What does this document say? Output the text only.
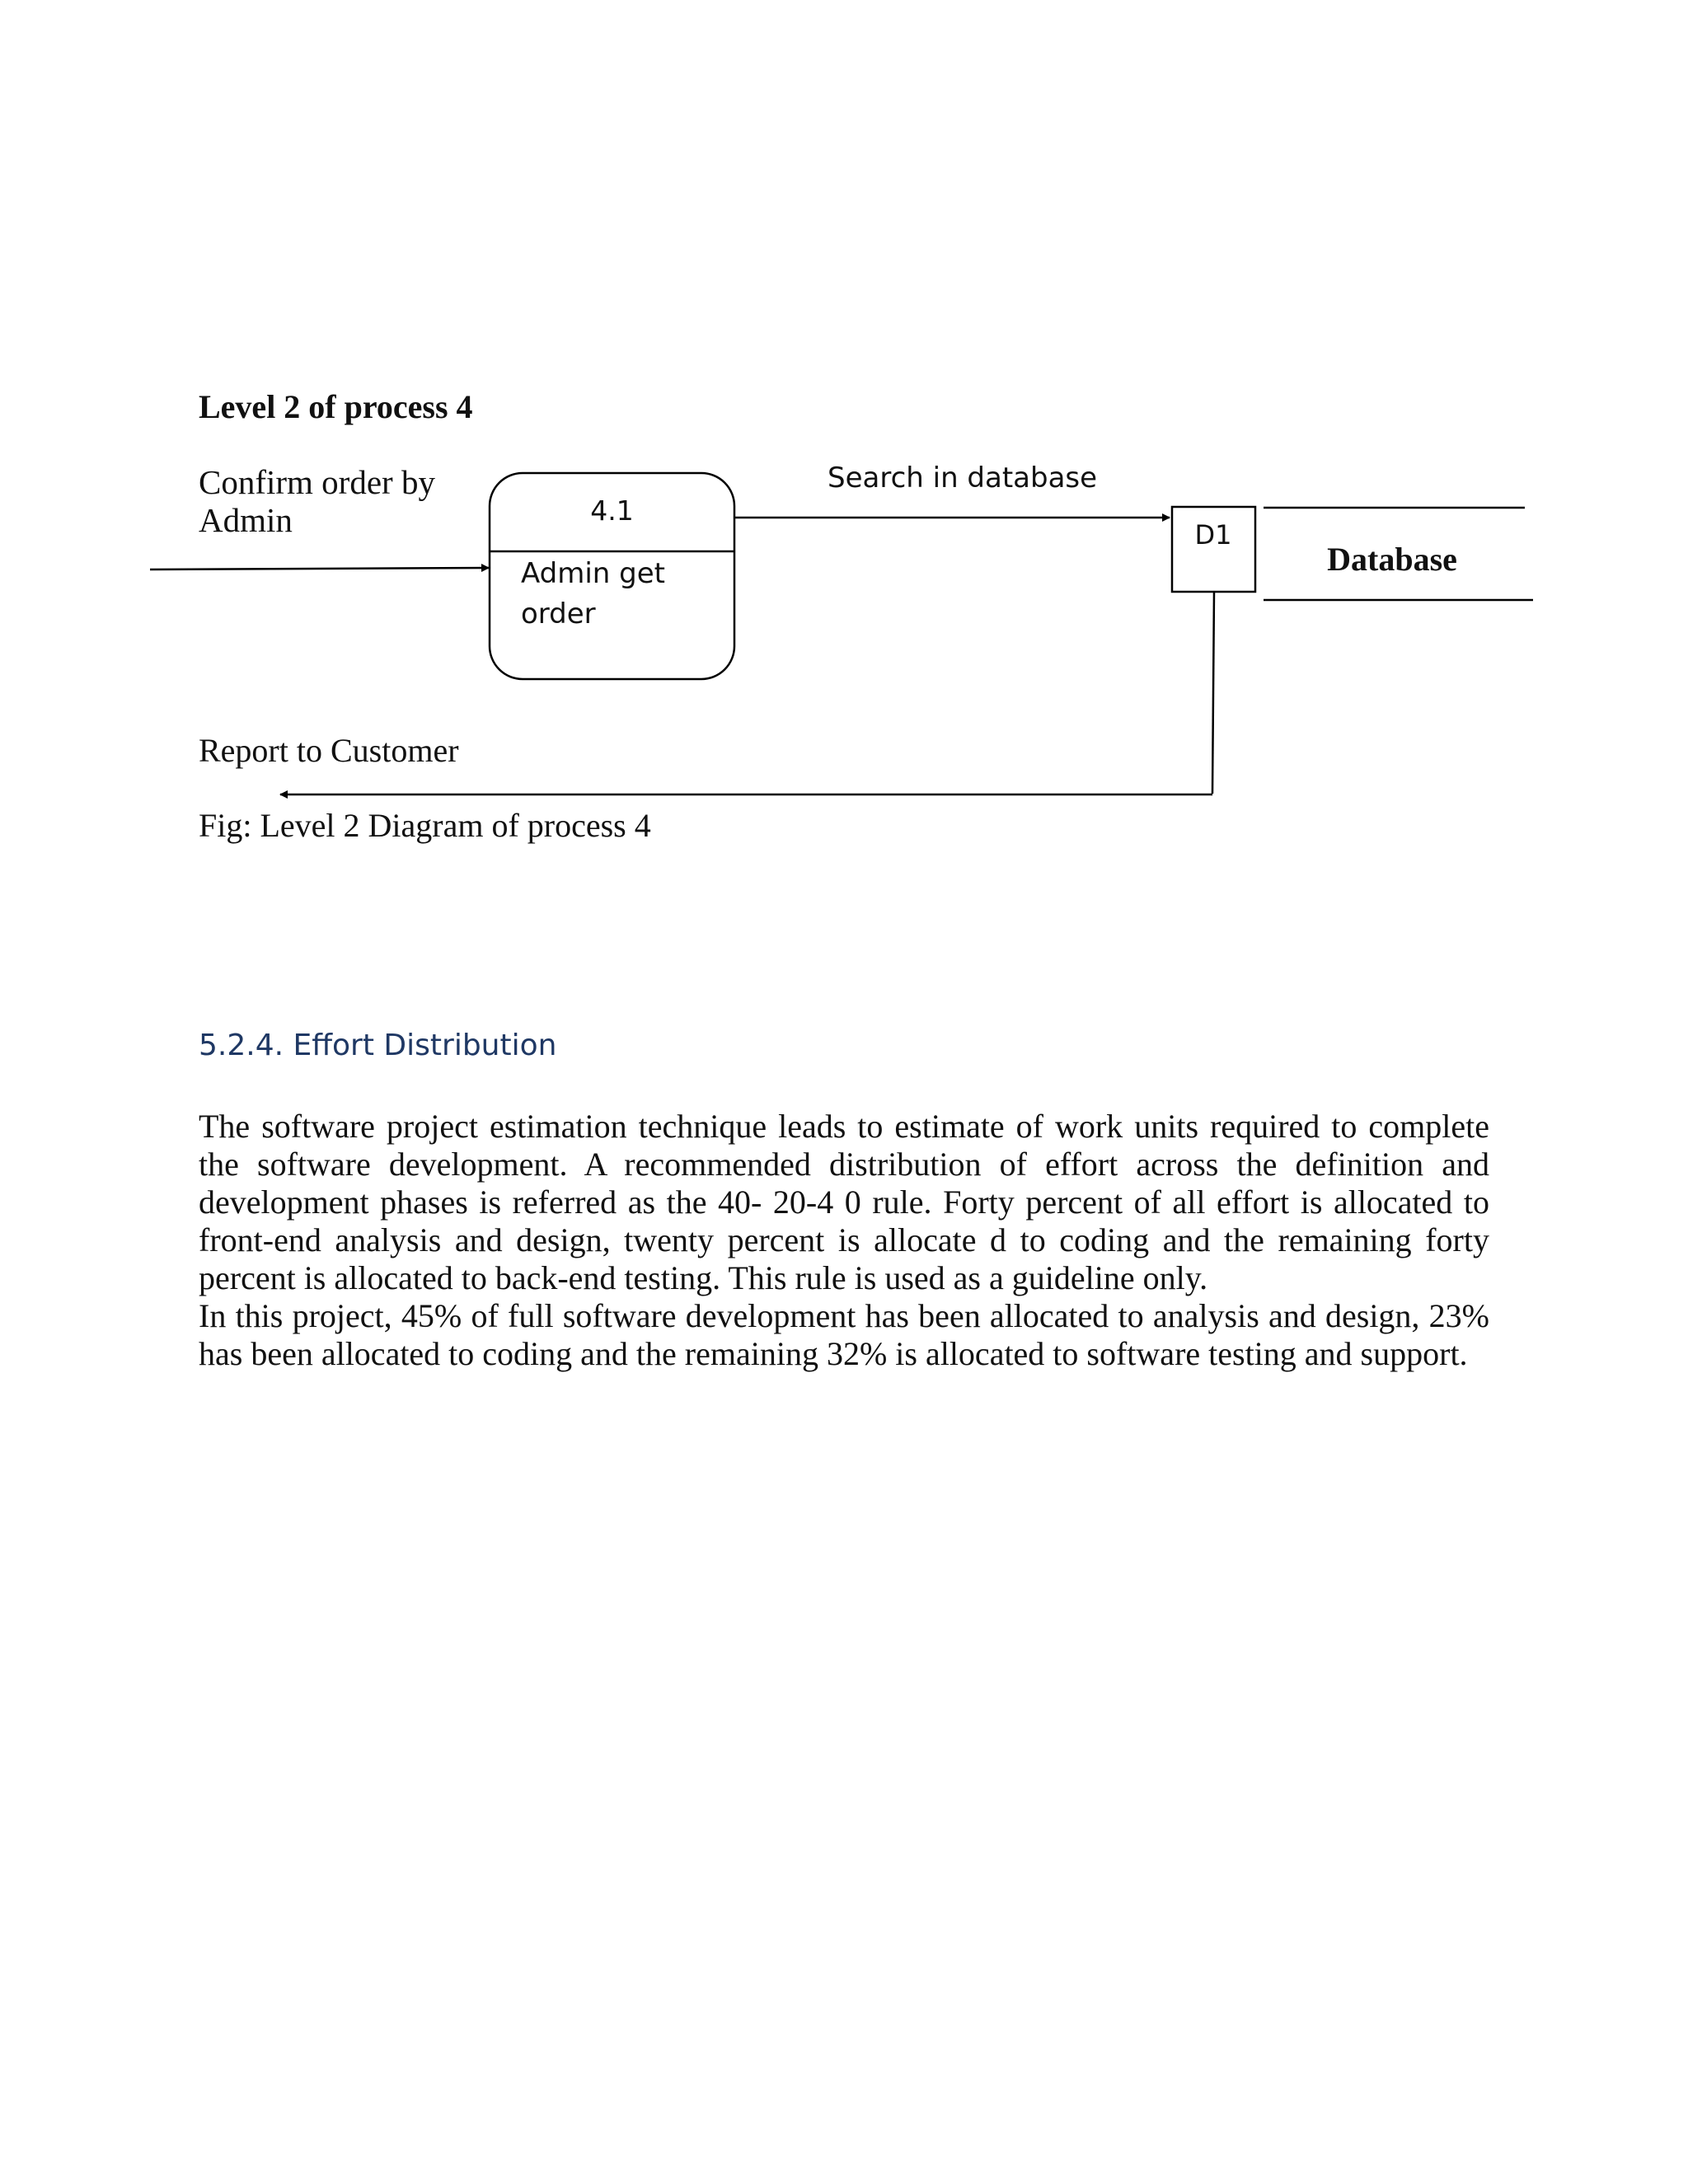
Level 2 of process 4
Confirm order by Admin
Search in database
4.1
Admin get order
D1
Database
Report to Customer
Fig: Level 2 Diagram of process 4
5.2.4. Effort Distribution

The software project estimation technique leads to estimate of work units required to complete the software development. A recommended distribution of effort across the definition and development phases is referred as the 40- 20-4 0 rule. Forty percent of all effort is allocated to front-end analysis and design, twenty percent is allocate d to coding and the remaining forty percent is allocated to back-end testing. This rule is used as a guideline only.

In this project, 45% of full software development has been allocated to analysis and design, 23% has been allocated to coding and the remaining 32% is allocated to software testing and support.
